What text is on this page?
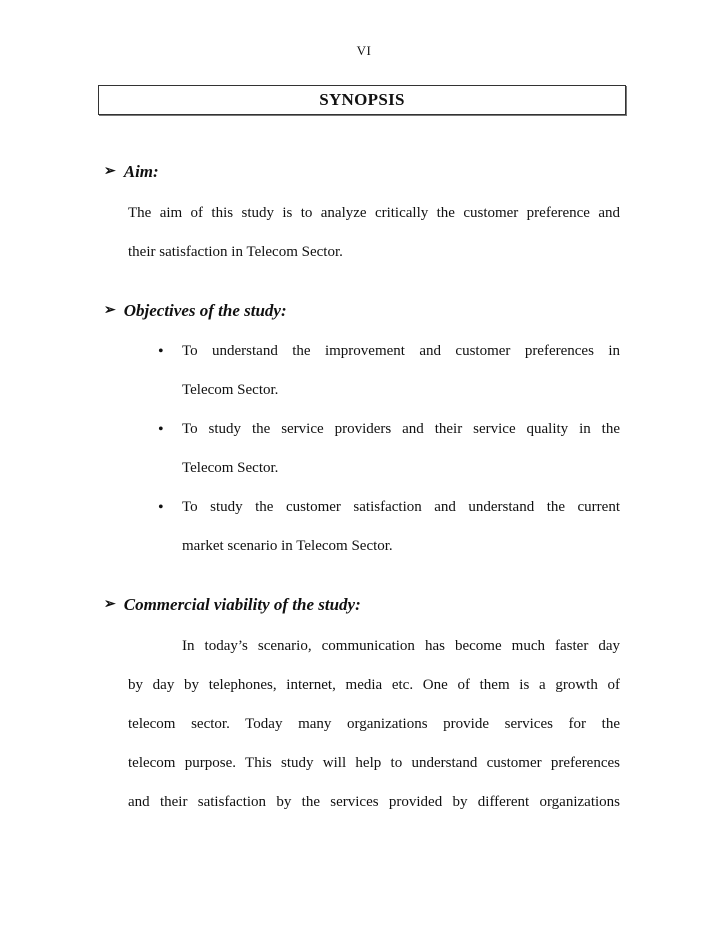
VI
SYNOPSIS
➢ Aim:
The aim of this study is to analyze critically the customer preference and
their satisfaction in Telecom Sector.
➢ Objectives of the study:
• To understand the improvement and customer preferences in
Telecom Sector.
• To study the service providers and their service quality in the
Telecom Sector.
• To study the customer satisfaction and understand the current
market scenario in Telecom Sector.
➢ Commercial viability of the study:
In today’s scenario, communication has become much faster day
by day by telephones, internet, media etc. One of them is a growth of
telecom sector. Today many organizations provide services for the
telecom purpose. This study will help to understand customer preferences
and their satisfaction by the services provided by different organizations
